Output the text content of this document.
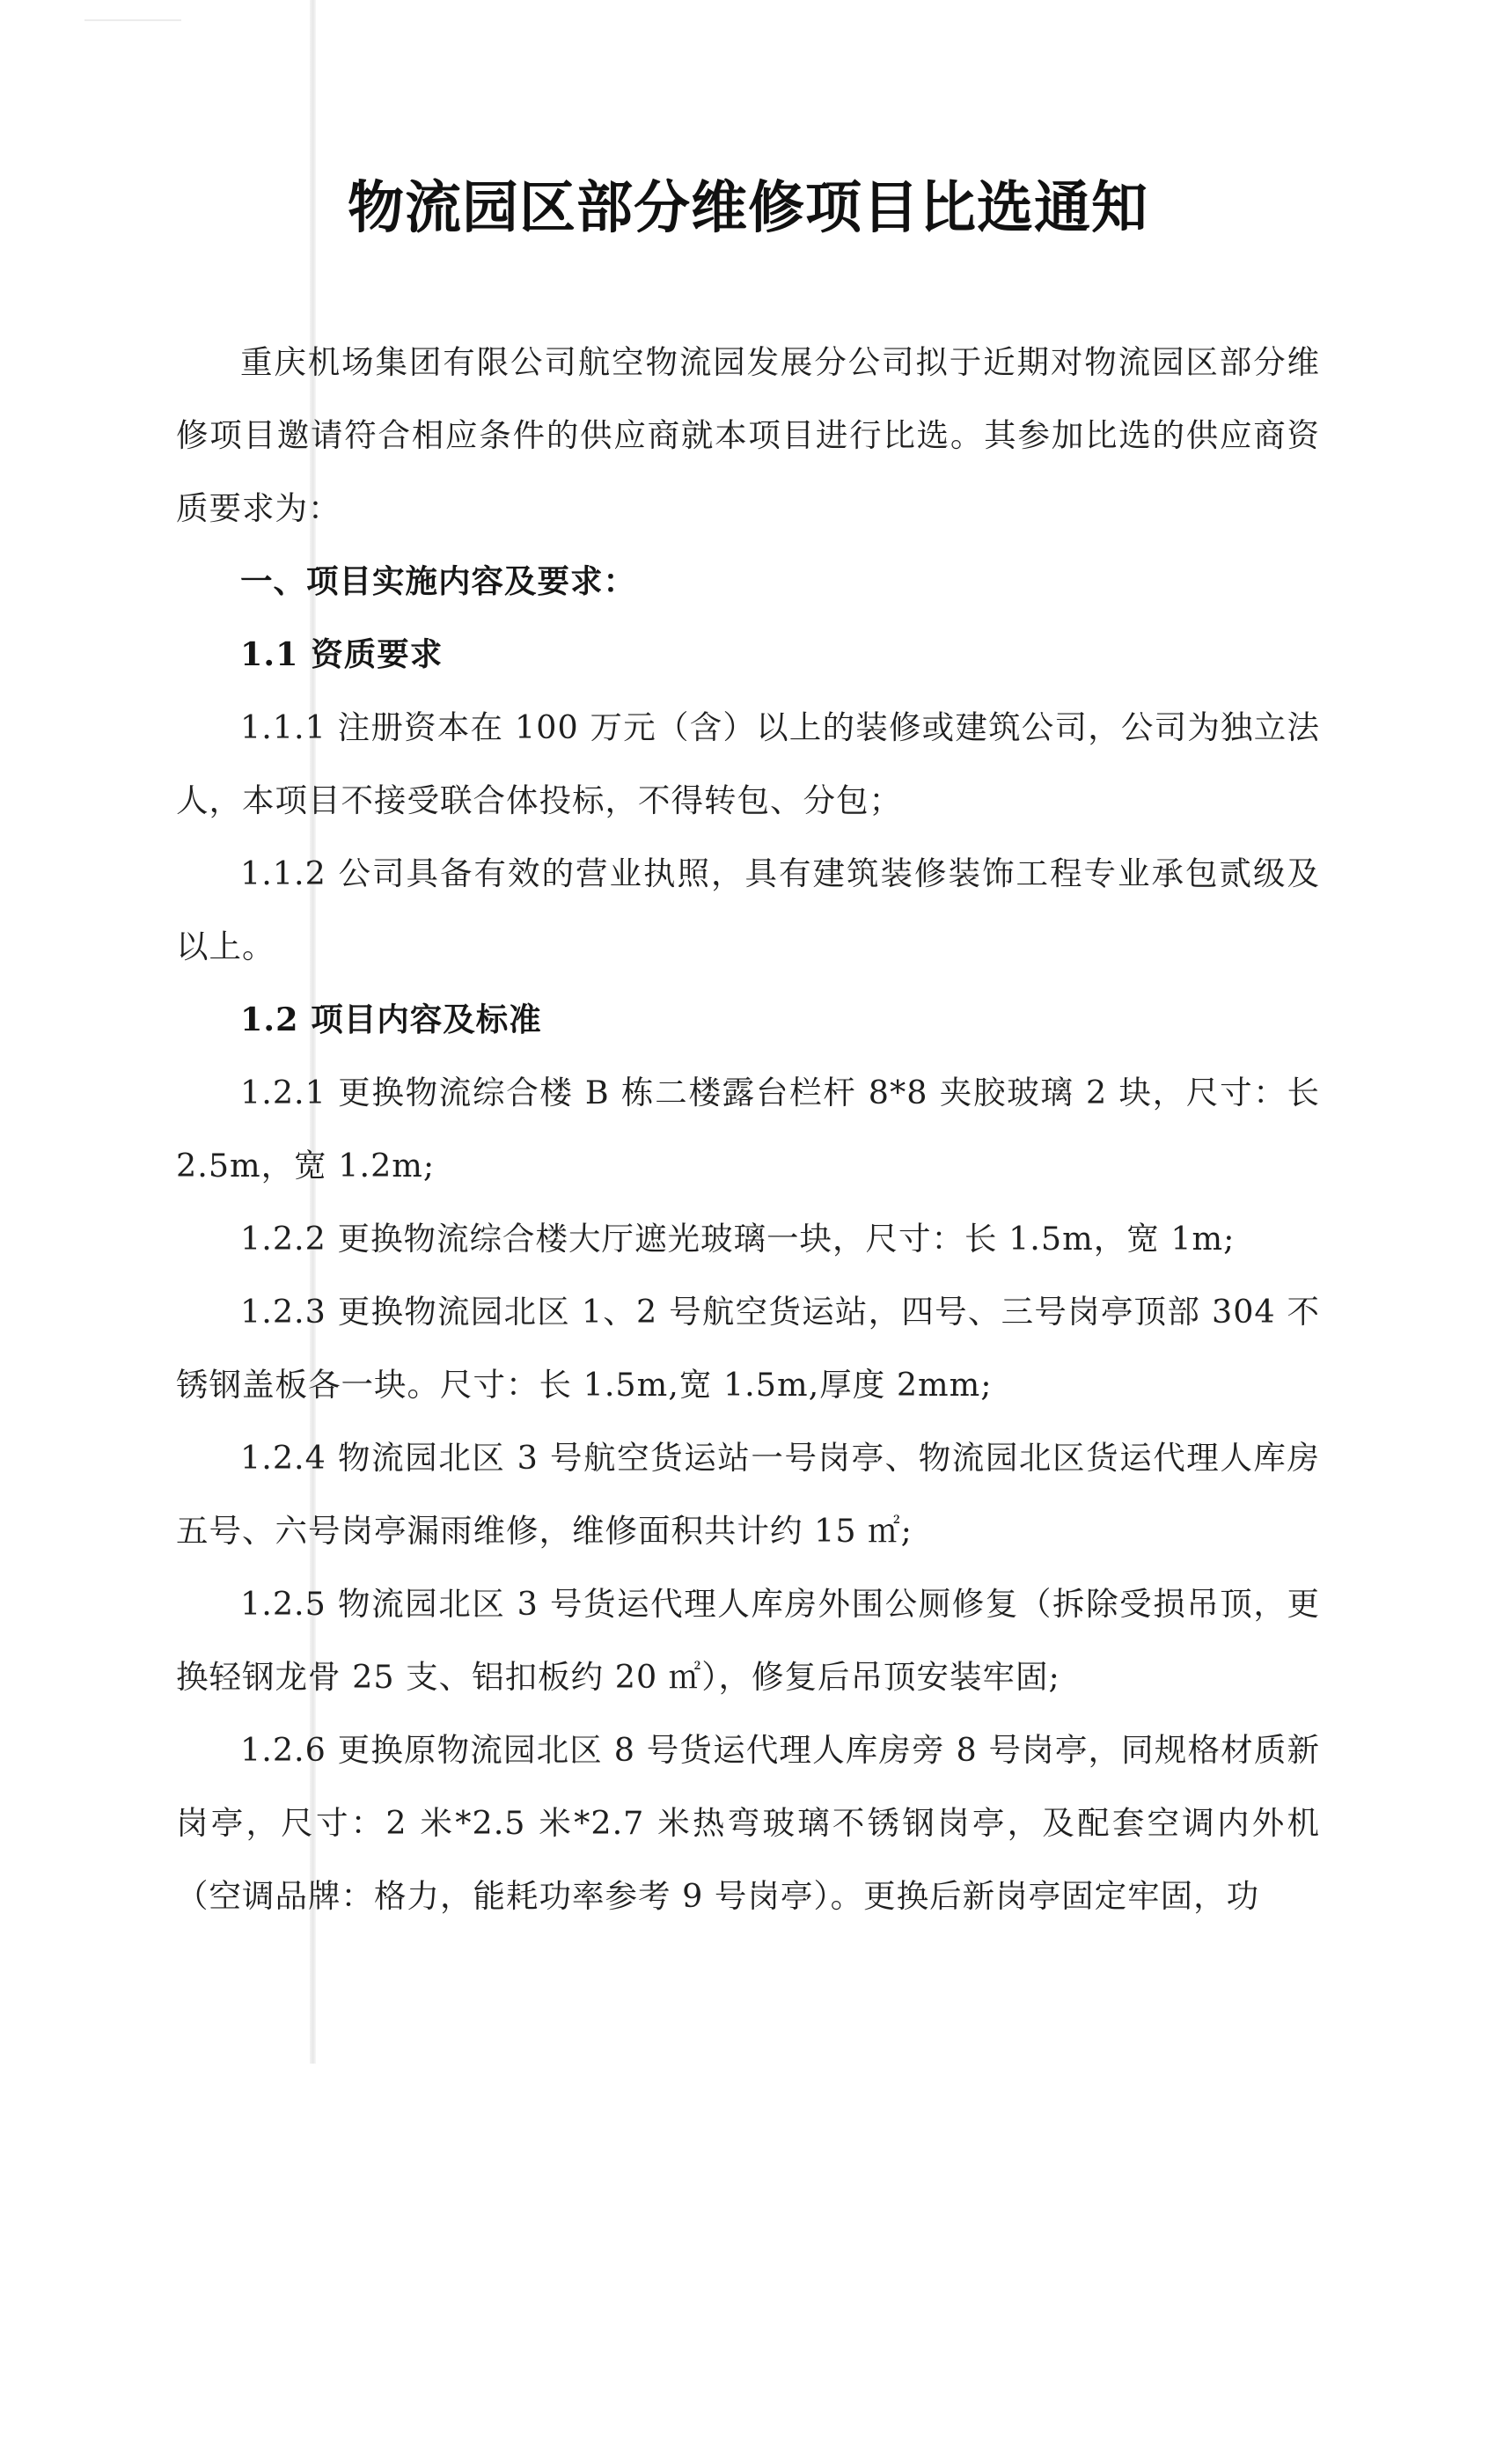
物流园区部分维修项目比选通知

重庆机场集团有限公司航空物流园发展分公司拟于近期对物流园区部分维修项目邀请符合相应条件的供应商就本项目进行比选。其参加比选的供应商资质要求为：

一、项目实施内容及要求：

1.1 资质要求

1.1.1 注册资本在 100 万元（含）以上的装修或建筑公司，公司为独立法人，本项目不接受联合体投标，不得转包、分包；

1.1.2 公司具备有效的营业执照，具有建筑装修装饰工程专业承包贰级及以上。

1.2 项目内容及标准

1.2.1 更换物流综合楼 B 栋二楼露台栏杆 8*8 夹胶玻璃 2 块，尺寸：长 2.5m，宽 1.2m;

1.2.2 更换物流综合楼大厅遮光玻璃一块，尺寸：长 1.5m，宽 1m;

1.2.3 更换物流园北区 1、2 号航空货运站，四号、三号岗亭顶部 304 不锈钢盖板各一块。尺寸：长 1.5m,宽 1.5m,厚度 2mm;

1.2.4 物流园北区 3 号航空货运站一号岗亭、物流园北区货运代理人库房五号、六号岗亭漏雨维修，维修面积共计约 15 ㎡;

1.2.5 物流园北区 3 号货运代理人库房外围公厕修复（拆除受损吊顶，更换轻钢龙骨 25 支、铝扣板约 20 ㎡），修复后吊顶安装牢固;

1.2.6 更换原物流园北区 8 号货运代理人库房旁 8 号岗亭，同规格材质新岗亭，尺寸：2 米*2.5 米*2.7 米热弯玻璃不锈钢岗亭，及配套空调内外机（空调品牌：格力，能耗功率参考 9 号岗亭）。更换后新岗亭固定牢固，功
